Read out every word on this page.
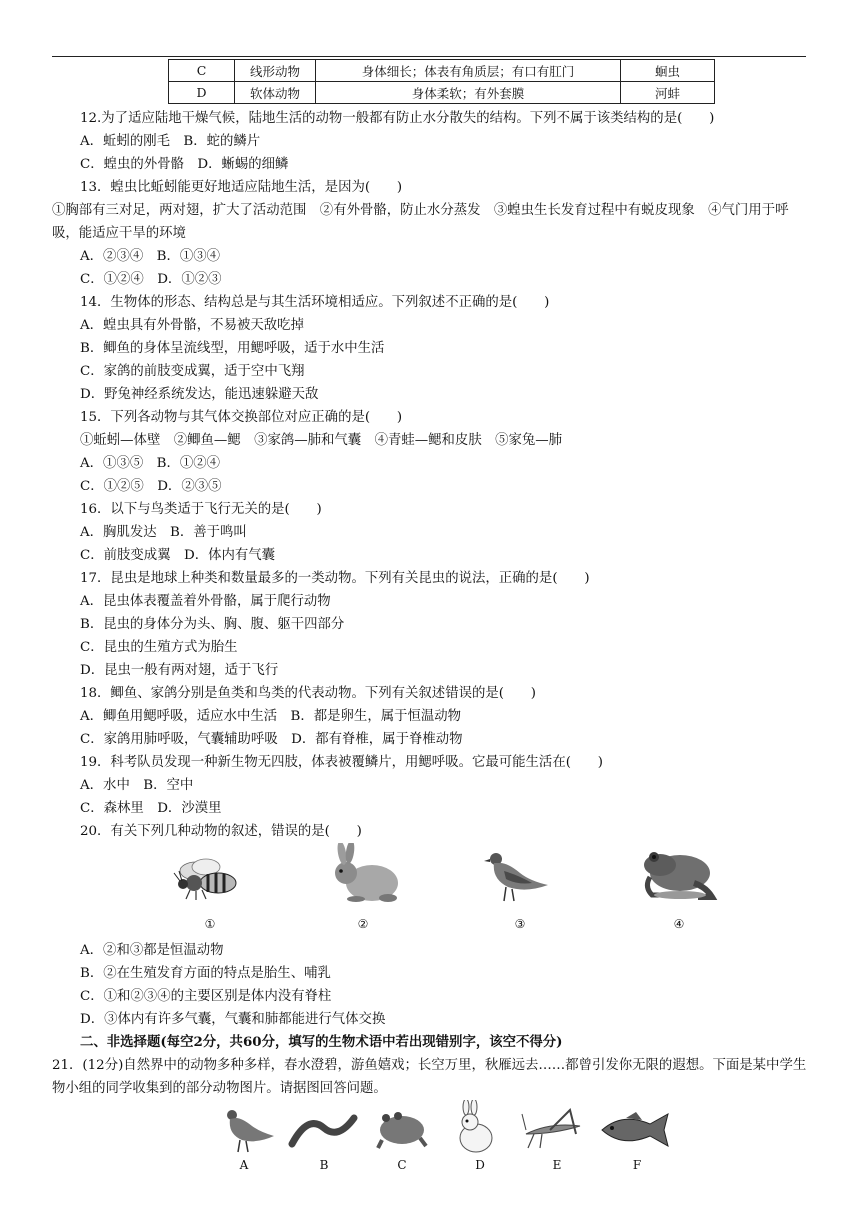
C	线形动物	身体细长；体表有角质层；有口有肛门	蛔虫
D	软体动物	身体柔软；有外套膜	河蚌
12.为了适应陆地干燥气候，陆地生活的动物一般都有防止水分散失的结构。下列不属于该类结构的是(　　)
A．蚯蚓的刚毛　B．蛇的鳞片
C．蝗虫的外骨骼　D．蜥蜴的细鳞
13．蝗虫比蚯蚓能更好地适应陆地生活，是因为(　　)
①胸部有三对足，两对翅，扩大了活动范围　②有外骨骼，防止水分蒸发　③蝗虫生长发育过程中有蜕皮现象　④气门用于呼吸，能适应干旱的环境
A．②③④　B．①③④
C．①②④　D．①②③
14．生物体的形态、结构总是与其生活环境相适应。下列叙述不正确的是(　　)
A．蝗虫具有外骨骼，不易被天敌吃掉
B．鲫鱼的身体呈流线型，用鳃呼吸，适于水中生活
C．家鸽的前肢变成翼，适于空中飞翔
D．野兔神经系统发达，能迅速躲避天敌
15．下列各动物与其气体交换部位对应正确的是(　　)
①蚯蚓—体壁　②鲫鱼—鳃　③家鸽—肺和气囊　④青蛙—鳃和皮肤　⑤家兔—肺
A．①③⑤　B．①②④
C．①②⑤　D．②③⑤
16．以下与鸟类适于飞行无关的是(　　)
A．胸肌发达　B．善于鸣叫
C．前肢变成翼　D．体内有气囊
17．昆虫是地球上种类和数量最多的一类动物。下列有关昆虫的说法，正确的是(　　)
A．昆虫体表覆盖着外骨骼，属于爬行动物
B．昆虫的身体分为头、胸、腹、躯干四部分
C．昆虫的生殖方式为胎生
D．昆虫一般有两对翅，适于飞行
18．鲫鱼、家鸽分别是鱼类和鸟类的代表动物。下列有关叙述错误的是(　　)
A．鲫鱼用鳃呼吸，适应水中生活　B．都是卵生，属于恒温动物
C．家鸽用肺呼吸，气囊辅助呼吸　D．都有脊椎，属于脊椎动物
19．科考队员发现一种新生物无四肢，体表被覆鳞片，用鳃呼吸。它最可能生活在(　　)
A．水中　B．空中
C．森林里　D．沙漠里
20．有关下列几种动物的叙述，错误的是(　　)
①	②	③	④
A．②和③都是恒温动物
B．②在生殖发育方面的特点是胎生、哺乳
C．①和②③④的主要区别是体内没有脊柱
D．③体内有许多气囊，气囊和肺都能进行气体交换
二、非选择题(每空2分，共60分，填写的生物术语中若出现错别字，该空不得分)
21．(12分)自然界中的动物多种多样，春水澄碧，游鱼嬉戏；长空万里，秋雁远去……都曾引发你无限的遐想。下面是某中学生物小组的同学收集到的部分动物图片。请据图回答问题。
A	B	C	D	E	F
